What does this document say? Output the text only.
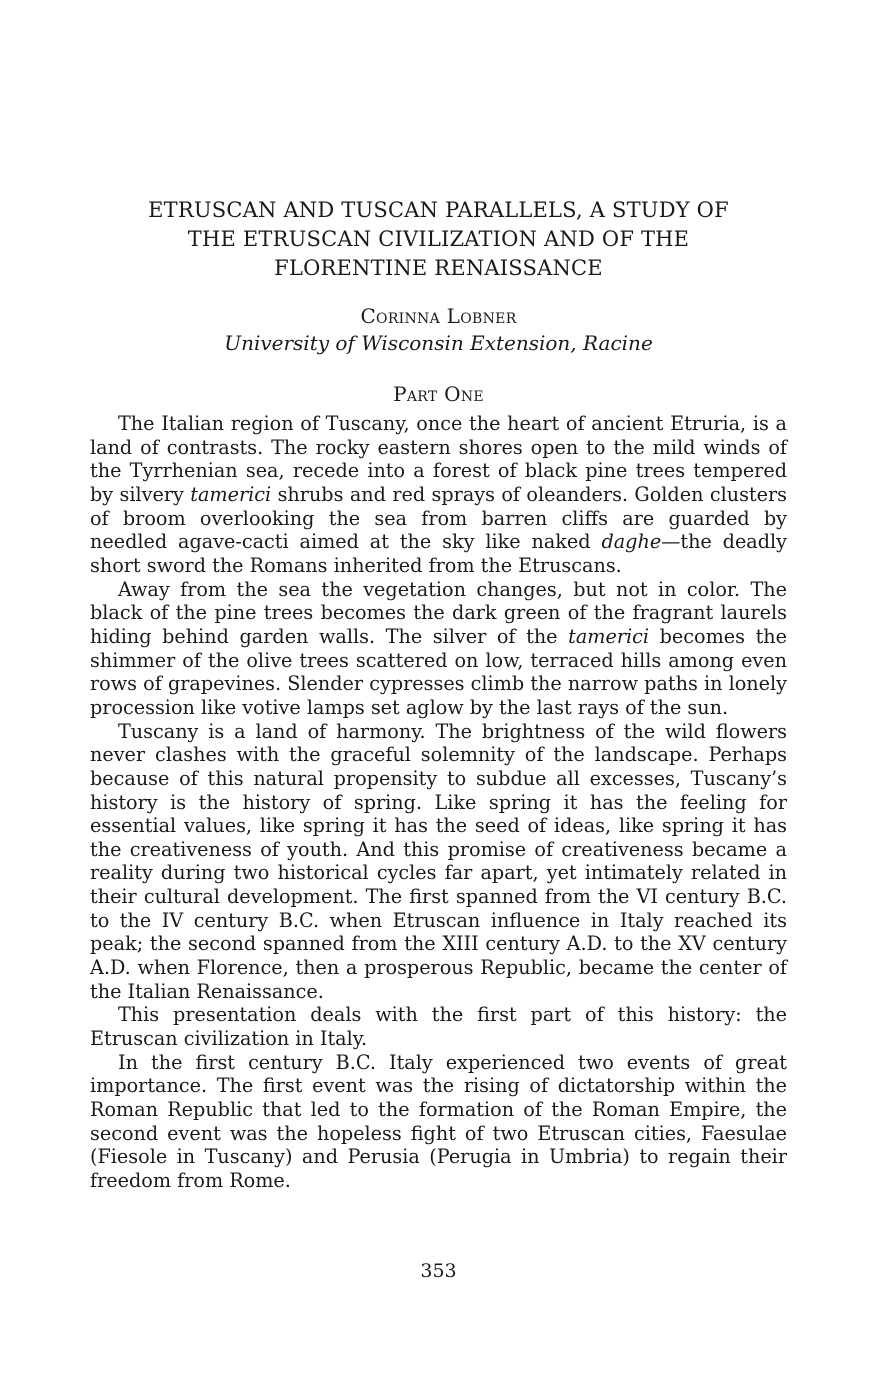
ETRUSCAN AND TUSCAN PARALLELS, A STUDY OF
THE ETRUSCAN CIVILIZATION AND OF THE
FLORENTINE RENAISSANCE
Corinna Lobner
University of Wisconsin Extension, Racine
Part One

The Italian region of Tuscany, once the heart of ancient Etruria, is a land of contrasts. The rocky eastern shores open to the mild winds of the Tyrrhenian sea, recede into a forest of black pine trees tempered by silvery tamerici shrubs and red sprays of oleanders. Golden clusters of broom overlooking the sea from barren cliffs are guarded by needled agave-cacti aimed at the sky like naked daghe—the deadly short sword the Romans inherited from the Etruscans.

Away from the sea the vegetation changes, but not in color. The black of the pine trees becomes the dark green of the fragrant laurels hiding behind garden walls. The silver of the tamerici becomes the shimmer of the olive trees scattered on low, terraced hills among even rows of grapevines. Slender cypresses climb the narrow paths in lonely procession like votive lamps set aglow by the last rays of the sun.

Tuscany is a land of harmony. The brightness of the wild flowers never clashes with the graceful solemnity of the landscape. Perhaps because of this natural propensity to subdue all excesses, Tuscany’s history is the history of spring. Like spring it has the feeling for essential values, like spring it has the seed of ideas, like spring it has the creativeness of youth. And this promise of creativeness became a reality during two historical cycles far apart, yet intimately related in their cultural development. The first spanned from the VI century B.C. to the IV century B.C. when Etruscan influence in Italy reached its peak; the second spanned from the XIII century A.D. to the XV century A.D. when Florence, then a prosperous Republic, became the center of the Italian Renaissance.

This presentation deals with the first part of this history: the Etruscan civilization in Italy.

In the first century B.C. Italy experienced two events of great importance. The first event was the rising of dictatorship within the Roman Republic that led to the formation of the Roman Empire, the second event was the hopeless fight of two Etruscan cities, Faesulae (Fiesole in Tuscany) and Perusia (Perugia in Umbria) to regain their freedom from Rome.

353
